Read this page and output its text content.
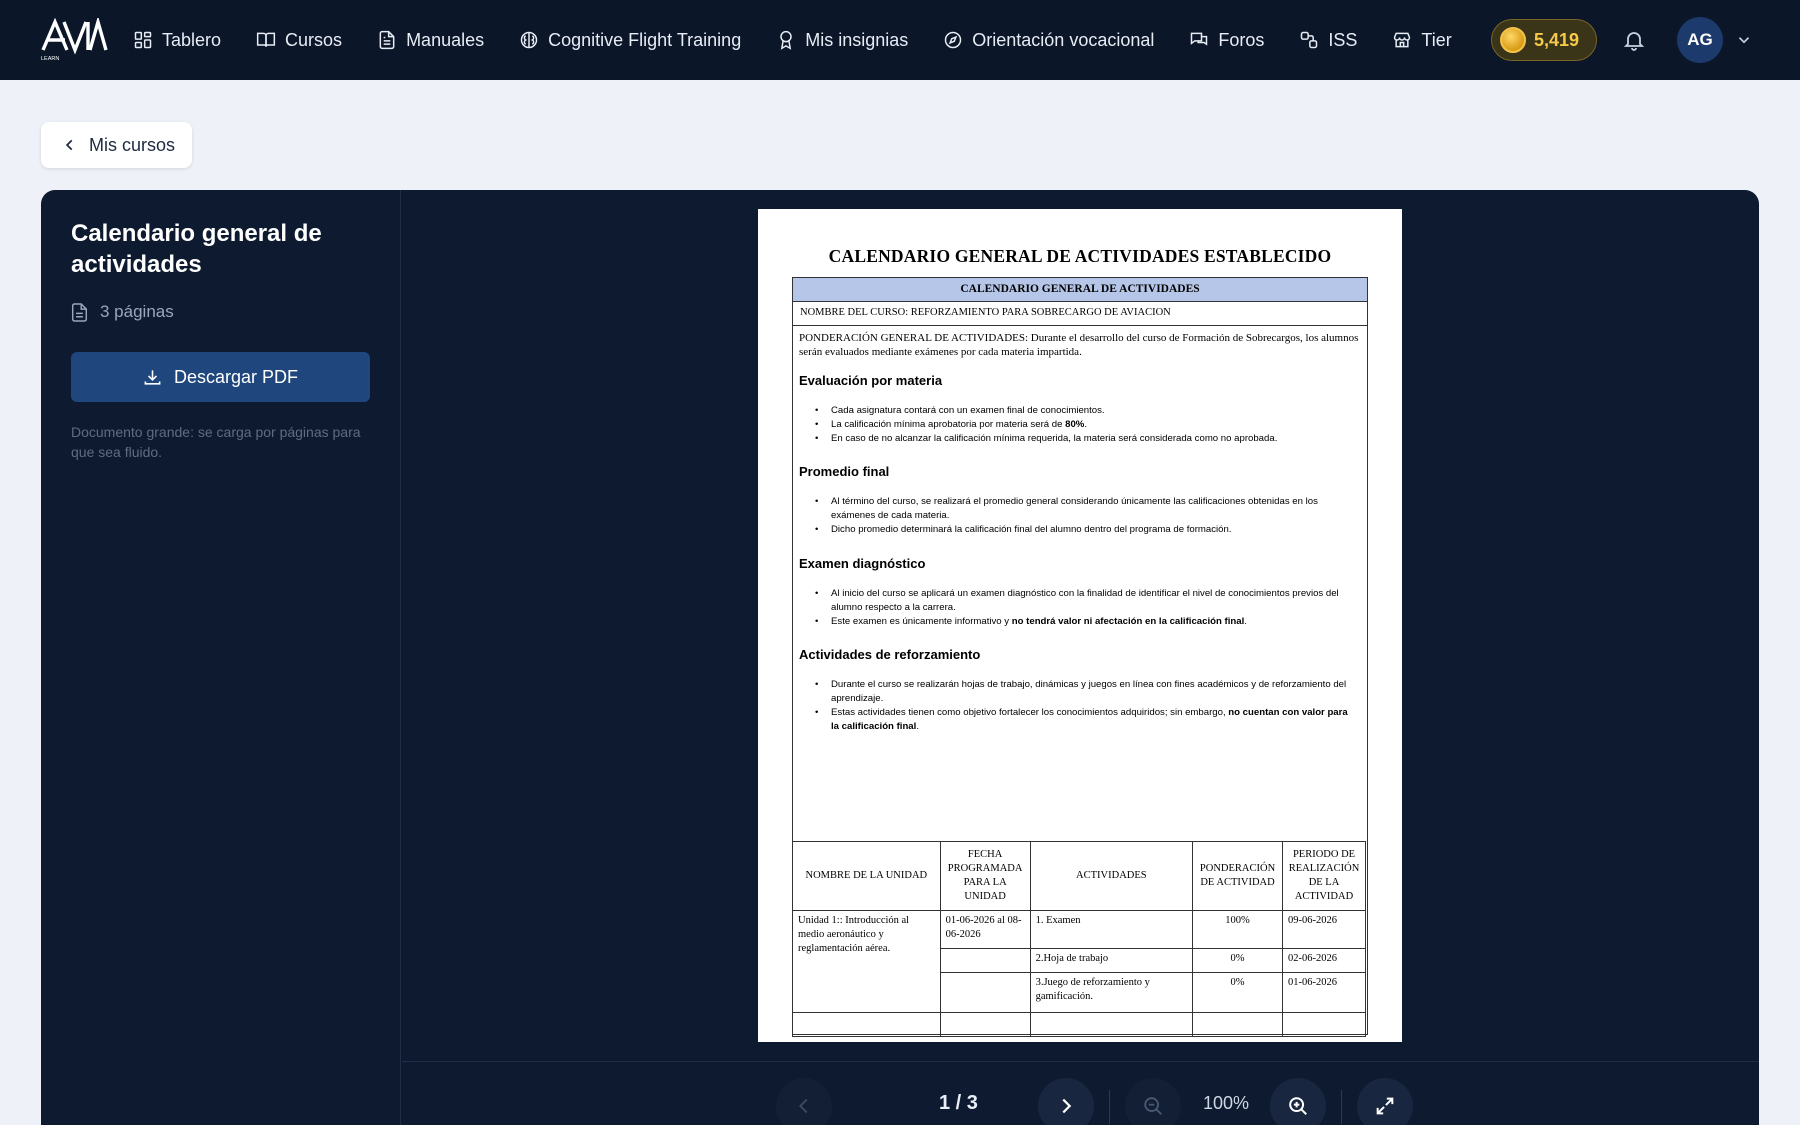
LEARN
Tablero	Cursos	Manuales	Cognitive Flight Training	Mis insignias	Orientación vocacional	Foros	ISS	Tier	5,419	AG
Mis cursos
Calendario general de actividades
3 páginas
Descargar PDF

Documento grande: se carga por páginas para que sea fluido.

CALENDARIO GENERAL DE ACTIVIDADES ESTABLECIDO
CALENDARIO GENERAL DE ACTIVIDADES
NOMBRE DEL CURSO: REFORZAMIENTO PARA SOBRECARGO DE AVIACION

PONDERACIÓN GENERAL DE ACTIVIDADES: Durante el desarrollo del curso de Formación de Sobrecargos, los alumnos serán evaluados mediante exámenes por cada materia impartida.

Evaluación por materia
• Cada asignatura contará con un examen final de conocimientos.
• La calificación mínima aprobatoria por materia será de 80%.
• En caso de no alcanzar la calificación mínima requerida, la materia será considerada como no aprobada.
Promedio final
• Al término del curso, se realizará el promedio general considerando únicamente las calificaciones obtenidas en los exámenes de cada materia.
• Dicho promedio determinará la calificación final del alumno dentro del programa de formación.
Examen diagnóstico
• Al inicio del curso se aplicará un examen diagnóstico con la finalidad de identificar el nivel de conocimientos previos del alumno respecto a la carrera.
• Este examen es únicamente informativo y no tendrá valor ni afectación en la calificación final.
Actividades de reforzamiento
• Durante el curso se realizarán hojas de trabajo, dinámicas y juegos en línea con fines académicos y de reforzamiento del aprendizaje.
• Estas actividades tienen como objetivo fortalecer los conocimientos adquiridos; sin embargo, no cuentan con valor para la calificación final.
NOMBRE DE LA UNIDAD	FECHA PROGRAMADA PARA LA UNIDAD	ACTIVIDADES	PONDERACIÓN DE ACTIVIDAD	PERIODO DE REALIZACIÓN DE LA ACTIVIDAD
Unidad 1:: Introducción al medio aeronáutico y reglamentación aérea.	01-06-2026 al 08-06-2026	1. Examen	100%	09-06-2026
		2.Hoja de trabajo	0%	02-06-2026
		3.Juego de reforzamiento y gamificación.	0%	01-06-2026

1 / 3	100%
